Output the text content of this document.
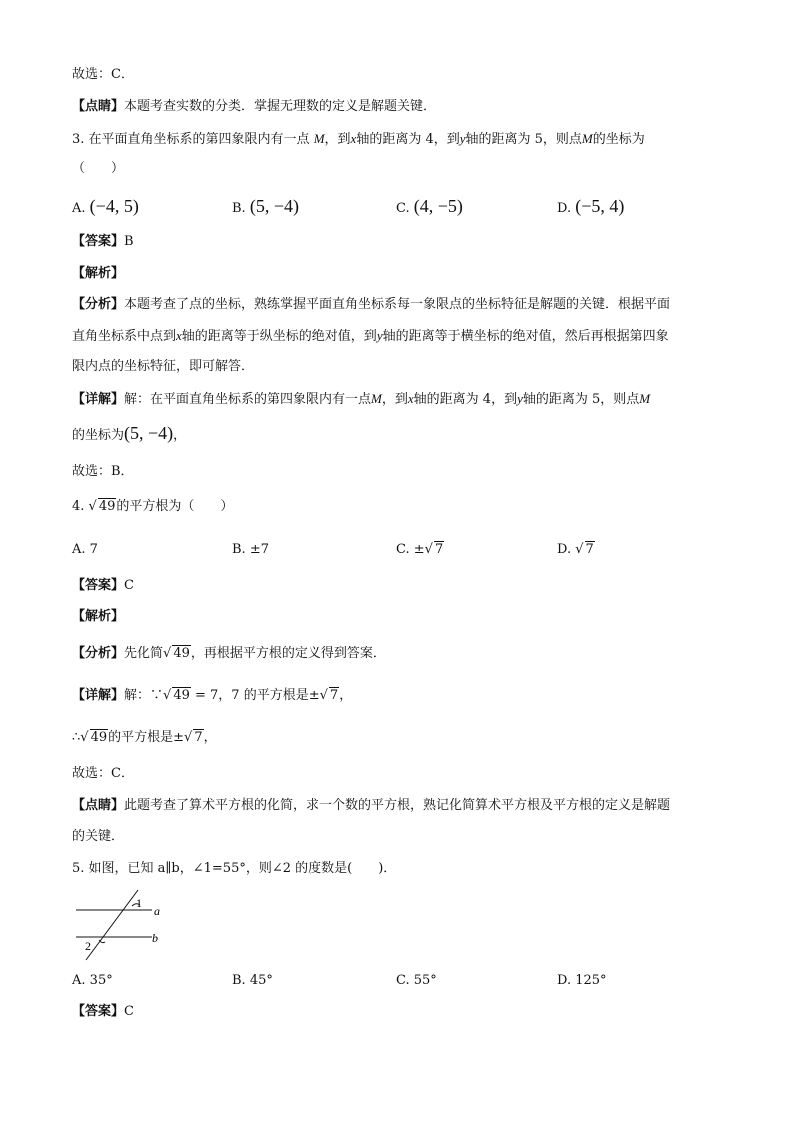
故选：C．
【点睛】本题考查实数的分类．掌握无理数的定义是解题关键．
3. 在平面直角坐标系的第四象限内有一点 M，到x轴的距离为 4，到y轴的距离为 5，则点M的坐标为
（　　）
A. (−4, 5)	B. (5, −4)	C. (4, −5)	D. (−5, 4)
【答案】B
【解析】
【分析】本题考查了点的坐标，熟练掌握平面直角坐标系每一象限点的坐标特征是解题的关键．根据平面
直角坐标系中点到x轴的距离等于纵坐标的绝对值，到y轴的距离等于横坐标的绝对值，然后再根据第四象
限内点的坐标特征，即可解答．
【详解】解：在平面直角坐标系的第四象限内有一点M，到x轴的距离为 4，到y轴的距离为 5，则点M
的坐标为(5, −4)，
故选：B．
4. √ 49的平方根为（　　）
A. 7	B. ±7	C. ±√ 7	D. √ 7
【答案】C
【解析】
【分析】先化简√ 49，再根据平方根的定义得到答案．
【详解】解：∵√ 49 = 7，7 的平方根是±√ 7，
∴√ 49的平方根是±√ 7，
故选：C．
【点睛】此题考查了算术平方根的化简，求一个数的平方根，熟记化简算术平方根及平方根的定义是解题
的关键．
5. 如图，已知 a∥b，∠1=55°，则∠2 的度数是(　　)．
1
2
a
b
A. 35°	B. 45°	C. 55°	D. 125°
【答案】C
